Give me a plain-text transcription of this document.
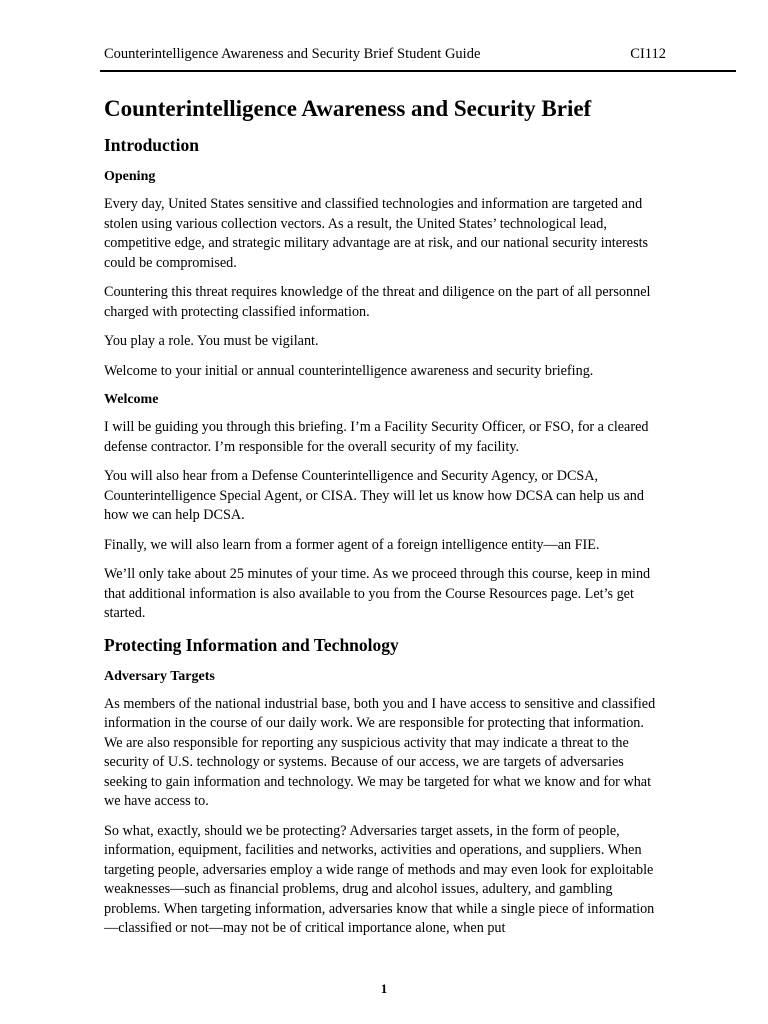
Counterintelligence Awareness and Security Brief Student Guide	CI112
Counterintelligence Awareness and Security Brief
Introduction
Opening

Every day, United States sensitive and classified technologies and information are targeted and stolen using various collection vectors. As a result, the United States’ technological lead, competitive edge, and strategic military advantage are at risk, and our national security interests could be compromised.

Countering this threat requires knowledge of the threat and diligence on the part of all personnel charged with protecting classified information.

You play a role. You must be vigilant.

Welcome to your initial or annual counterintelligence awareness and security briefing.

Welcome

I will be guiding you through this briefing. I’m a Facility Security Officer, or FSO, for a cleared defense contractor. I’m responsible for the overall security of my facility.

You will also hear from a Defense Counterintelligence and Security Agency, or DCSA, Counterintelligence Special Agent, or CISA. They will let us know how DCSA can help us and how we can help DCSA.

Finally, we will also learn from a former agent of a foreign intelligence entity—an FIE.

We’ll only take about 25 minutes of your time. As we proceed through this course, keep in mind that additional information is also available to you from the Course Resources page. Let’s get started.

Protecting Information and Technology
Adversary Targets

As members of the national industrial base, both you and I have access to sensitive and classified information in the course of our daily work. We are responsible for protecting that information. We are also responsible for reporting any suspicious activity that may indicate a threat to the security of U.S. technology or systems. Because of our access, we are targets of adversaries seeking to gain information and technology. We may be targeted for what we know and for what we have access to.

So what, exactly, should we be protecting? Adversaries target assets, in the form of people, information, equipment, facilities and networks, activities and operations, and suppliers. When targeting people, adversaries employ a wide range of methods and may even look for exploitable weaknesses—such as financial problems, drug and alcohol issues, adultery, and gambling problems. When targeting information, adversaries know that while a single piece of information—classified or not—may not be of critical importance alone, when put

1
